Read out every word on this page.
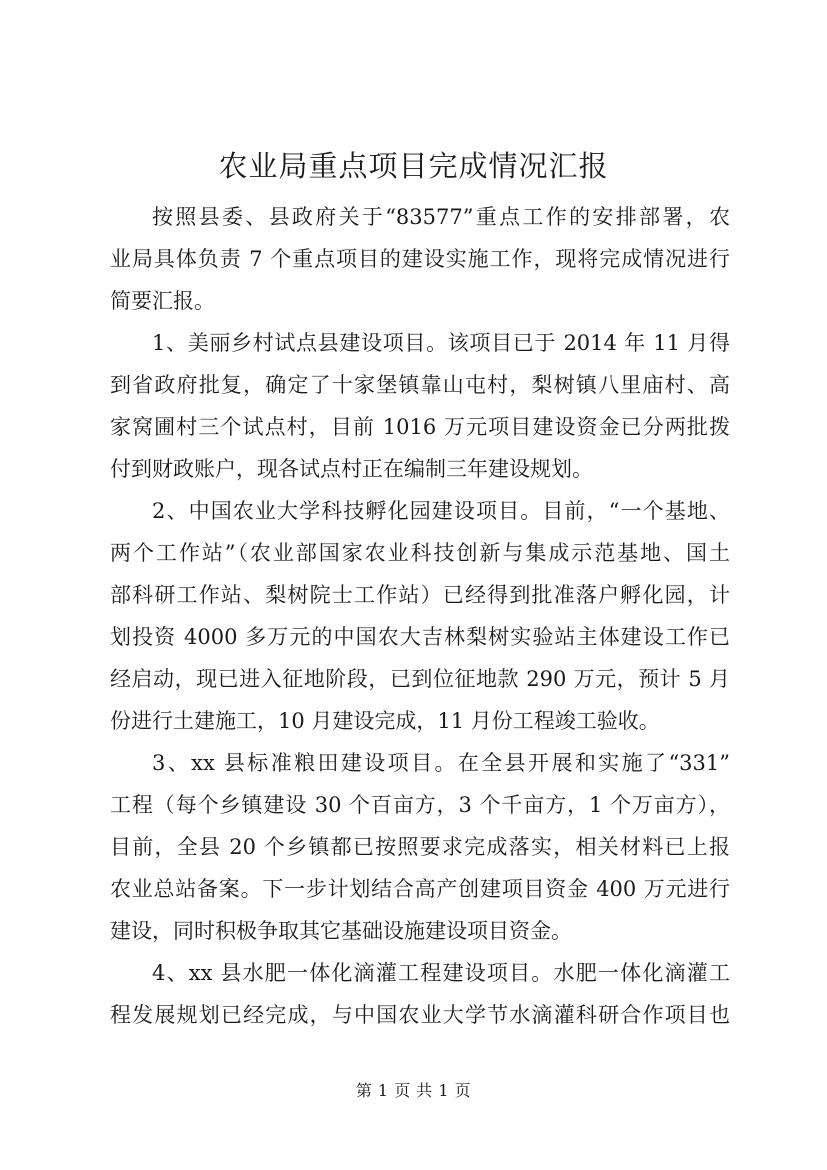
农业局重点项目完成情况汇报
按照县委、县政府关于“83577”重点工作的安排部署，农
业局具体负责 7 个重点项目的建设实施工作，现将完成情况进行
简要汇报。
1、美丽乡村试点县建设项目。该项目已于 2014 年 11 月得
到省政府批复，确定了十家堡镇靠山屯村，梨树镇八里庙村、高
家窝圃村三个试点村，目前 1016 万元项目建设资金已分两批拨
付到财政账户，现各试点村正在编制三年建设规划。
2、中国农业大学科技孵化园建设项目。目前，“一个基地、
两个工作站”（农业部国家农业科技创新与集成示范基地、国土
部科研工作站、梨树院士工作站）已经得到批准落户孵化园，计
划投资 4000 多万元的中国农大吉林梨树实验站主体建设工作已
经启动，现已进入征地阶段，已到位征地款 290 万元，预计 5 月
份进行土建施工，10 月建设完成，11 月份工程竣工验收。
3、xx 县标准粮田建设项目。在全县开展和实施了“331”
工程（每个乡镇建设 30 个百亩方，3 个千亩方，1 个万亩方），
目前，全县 20 个乡镇都已按照要求完成落实，相关材料已上报
农业总站备案。下一步计划结合高产创建项目资金 400 万元进行
建设，同时积极争取其它基础设施建设项目资金。
4、xx 县水肥一体化滴灌工程建设项目。水肥一体化滴灌工
程发展规划已经完成，与中国农业大学节水滴灌科研合作项目也
第 1 页 共 1 页
